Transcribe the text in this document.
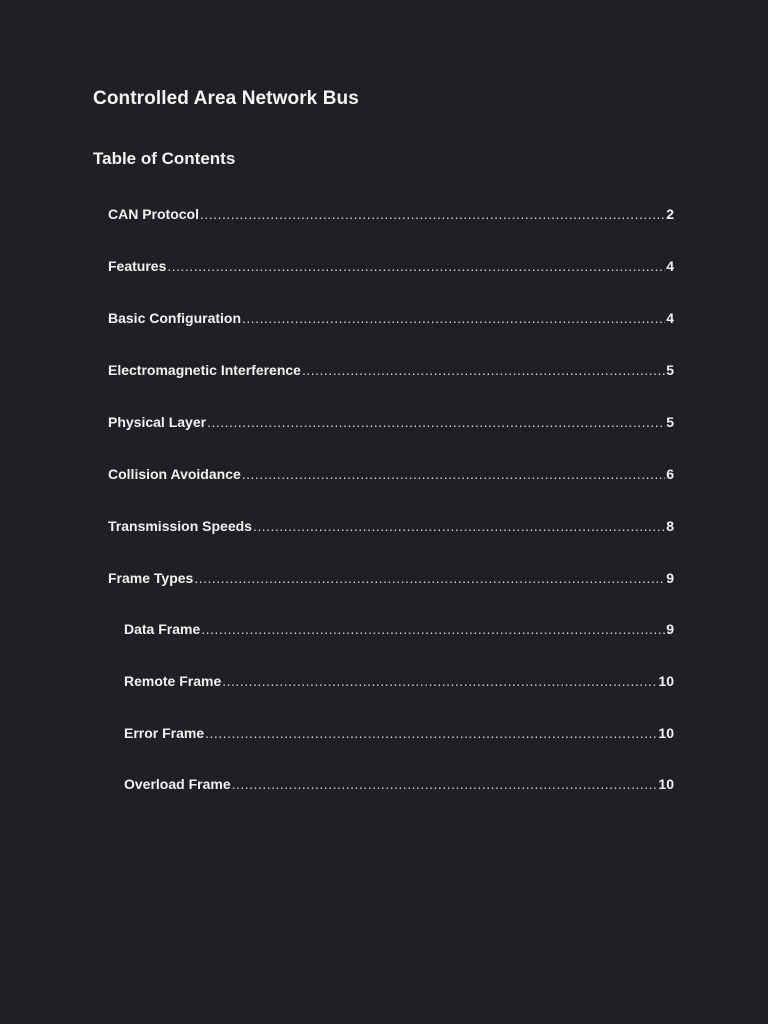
Controlled Area Network Bus
Table of Contents
CAN Protocol .....	2
Features .....	4
Basic Configuration .....	4
Electromagnetic Interference .....	5
Physical Layer .....	5
Collision Avoidance .....	6
Transmission Speeds .....	8
Frame Types .....	9
Data Frame .....	9
Remote Frame .....	10
Error Frame .....	10
Overload Frame .....	10
